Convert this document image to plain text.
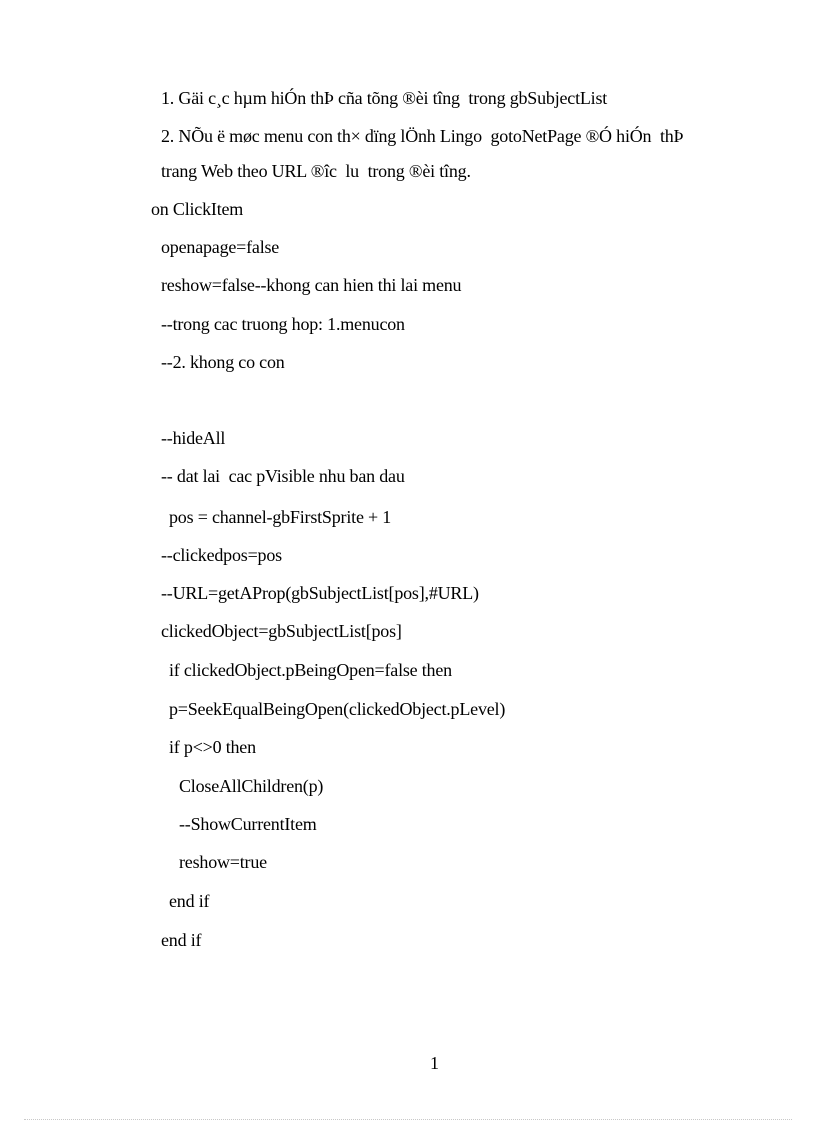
1. Gäi c¸c hµm hiÓn thÞ cña tõng ®èi tîng  trong gbSubjectList
2. NÕu ë møc menu con th× dïng lÖnh Lingo  gotoNetPage ®Ó hiÓn  thÞ
trang Web theo URL ®îc  lu  trong ®èi tîng.
on ClickItem
openapage=false
reshow=false--khong can hien thi lai menu
--trong cac truong hop: 1.menucon
--2. khong co con
--hideAll
-- dat lai  cac pVisible nhu ban dau
pos = channel-gbFirstSprite + 1
--clickedpos=pos
--URL=getAProp(gbSubjectList[pos],#URL)
clickedObject=gbSubjectList[pos]
if clickedObject.pBeingOpen=false then
p=SeekEqualBeingOpen(clickedObject.pLevel)
if p<>0 then
CloseAllChildren(p)
--ShowCurrentItem
reshow=true
end if
end if
1
